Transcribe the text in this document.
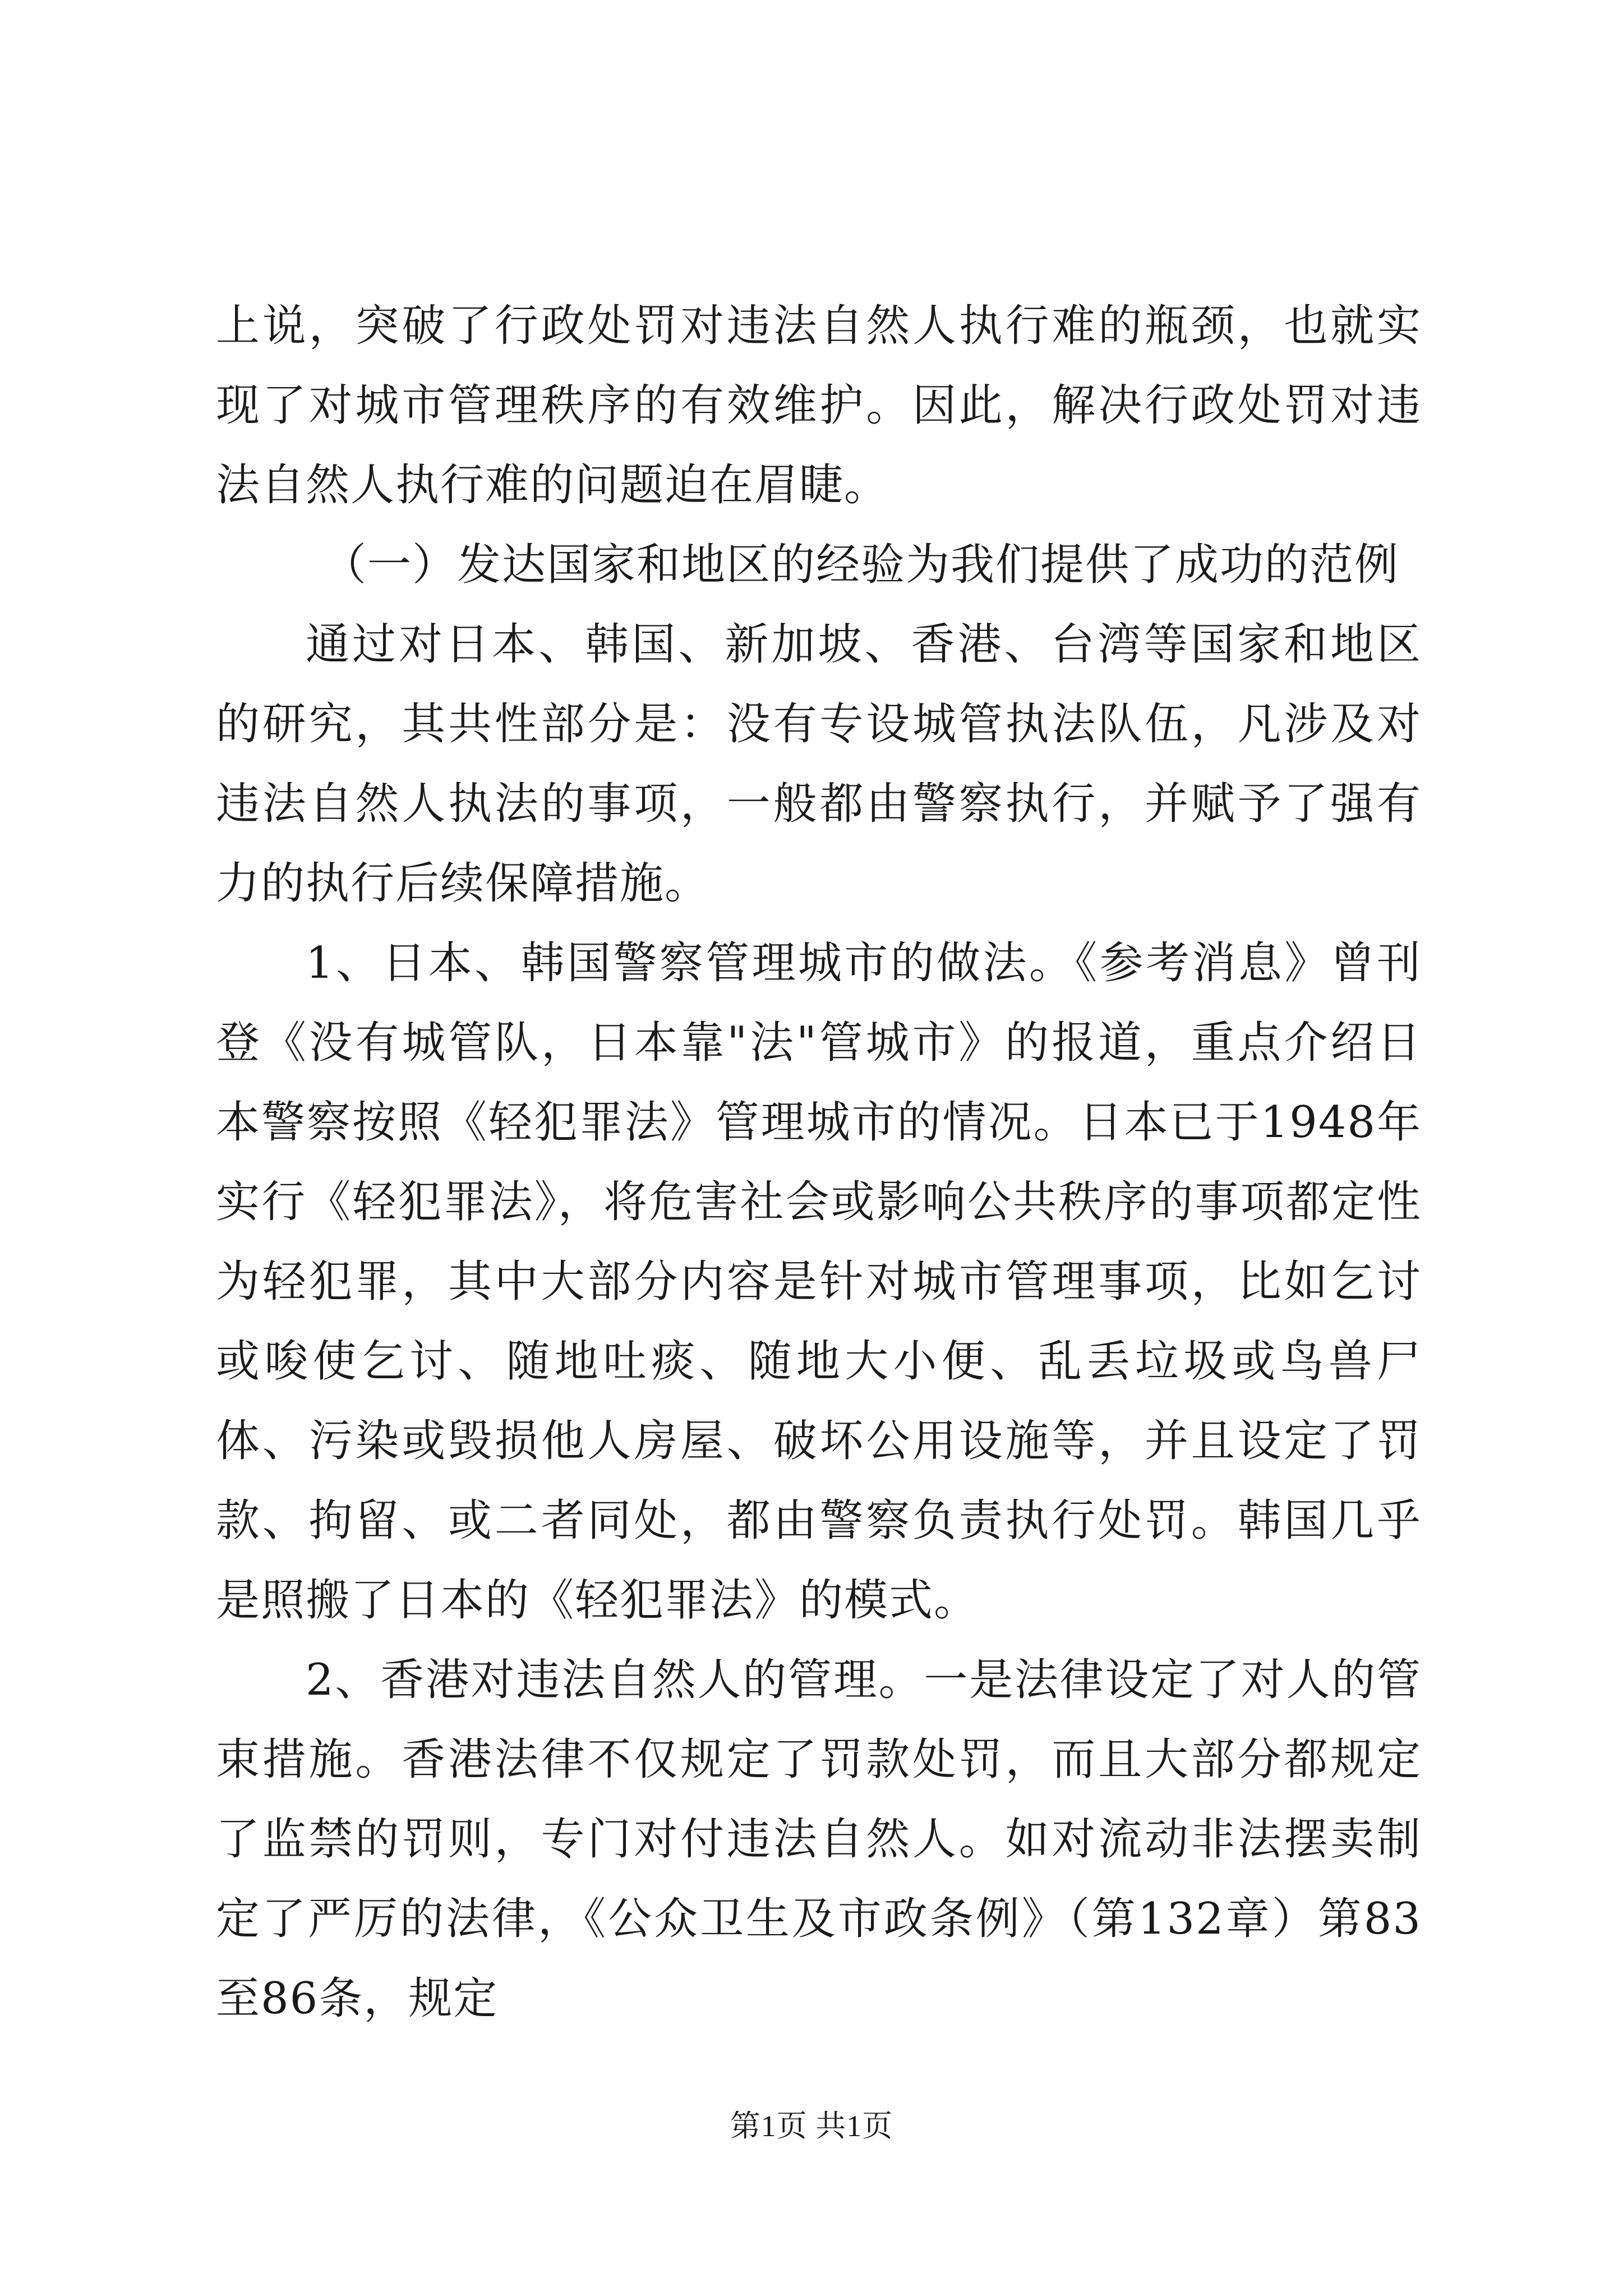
上说，突破了行政处罚对违法自然人执行难的瓶颈，也就实现了对城市管理秩序的有效维护。因此，解决行政处罚对违法自然人执行难的问题迫在眉睫。

（一）发达国家和地区的经验为我们提供了成功的范例

通过对日本、韩国、新加坡、香港、台湾等国家和地区的研究，其共性部分是：没有专设城管执法队伍，凡涉及对违法自然人执法的事项，一般都由警察执行，并赋予了强有力的执行后续保障措施。

1、日本、韩国警察管理城市的做法。《参考消息》曾刊登《没有城管队，日本靠"法"管城市》的报道，重点介绍日本警察按照《轻犯罪法》管理城市的情况。日本已于1948年实行《轻犯罪法》，将危害社会或影响公共秩序的事项都定性为轻犯罪，其中大部分内容是针对城市管理事项，比如乞讨或唆使乞讨、随地吐痰、随地大小便、乱丢垃圾或鸟兽尸体、污染或毁损他人房屋、破坏公用设施等，并且设定了罚款、拘留、或二者同处，都由警察负责执行处罚。韩国几乎是照搬了日本的《轻犯罪法》的模式。

2、香港对违法自然人的管理。一是法律设定了对人的管束措施。香港法律不仅规定了罚款处罚，而且大部分都规定了监禁的罚则，专门对付违法自然人。如对流动非法摆卖制定了严厉的法律，《公众卫生及市政条例》（第132章）第83至86条，规定

第1页 共1页
